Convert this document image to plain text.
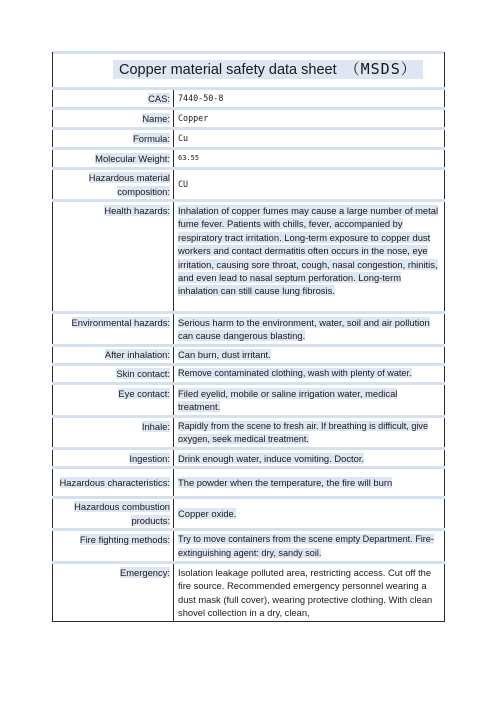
Copper material safety data sheet （MSDS）
CAS:	7440-50-8
Name:	Copper
Formula:	Cu
Molecular Weight:	63.55
Hazardous material composition:	CU
Health hazards:	Inhalation of copper fumes may cause a large number of metal fume fever. Patients with chills, fever, accompanied by respiratory tract irritation. Long-term exposure to copper dust workers and contact dermatitis often occurs in the nose, eye irritation, causing sore throat, cough, nasal congestion, rhinitis, and even lead to nasal septum perforation. Long-term inhalation can still cause lung fibrosis.
Environmental hazards:	Serious harm to the environment, water, soil and air pollution can cause dangerous blasting.
After inhalation:	Can burn, dust irritant.
Skin contact:	Remove contaminated clothing, wash with plenty of water.
Eye contact:	Filed eyelid, mobile or saline irrigation water, medical treatment.
Inhale:	Rapidly from the scene to fresh air. If breathing is difficult, give oxygen, seek medical treatment.
Ingestion:	Drink enough water, induce vomiting. Doctor.
Hazardous characteristics:	The powder when the temperature, the fire will burn
Hazardous combustion products:	Copper oxide.
Fire fighting methods:	Try to move containers from the scene empty Department. Fire-extinguishing agent: dry, sandy soil.
Emergency:	Isolation leakage polluted area, restricting access. Cut off the fire source. Recommended emergency personnel wearing a dust mask (full cover), wearing protective clothing. With clean shovel collection in a dry, clean,
